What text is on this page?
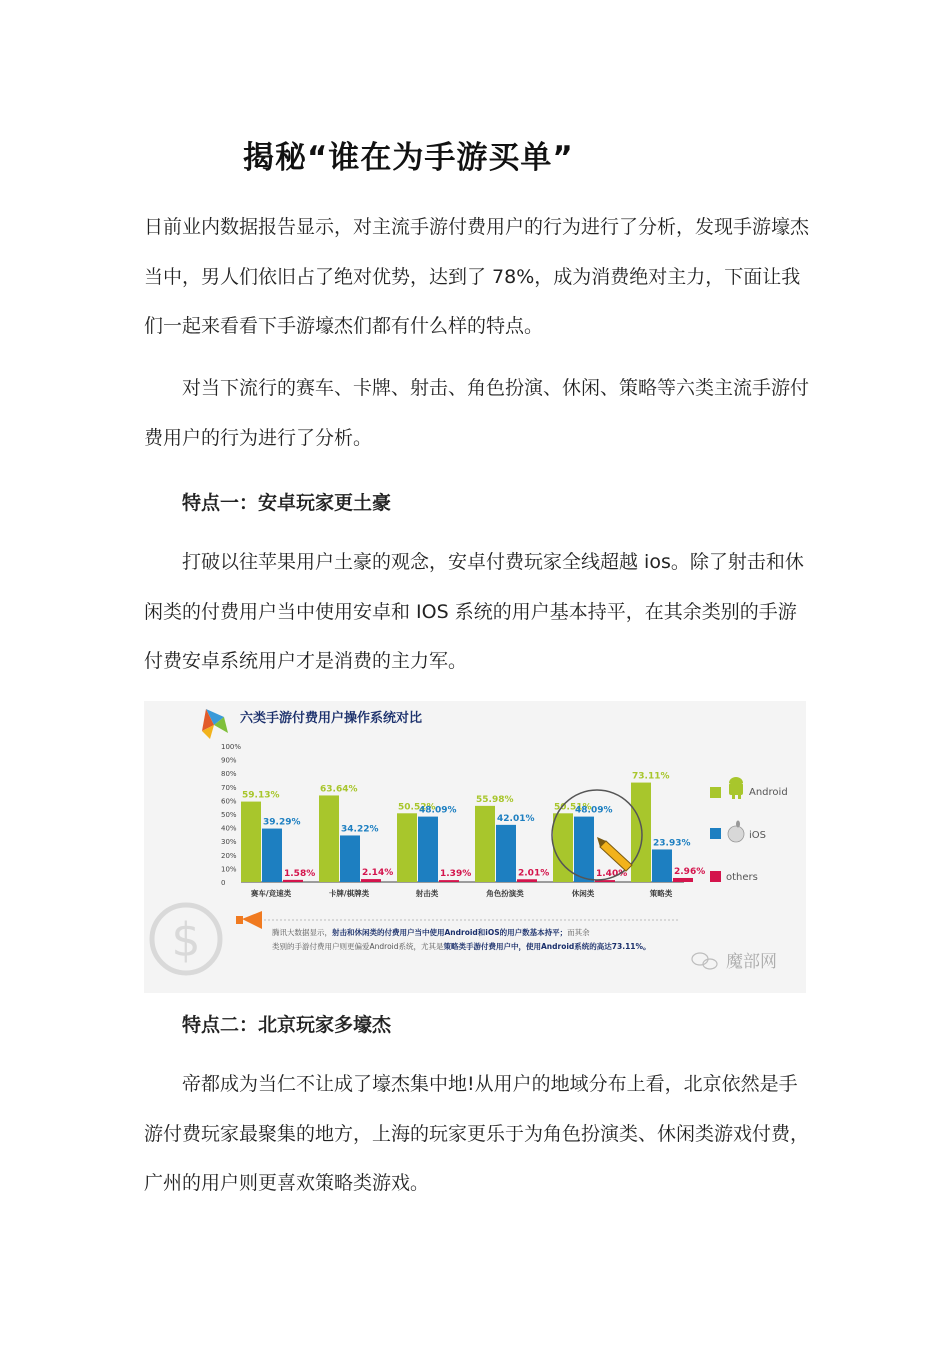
揭秘“谁在为手游买单”

日前业内数据报告显示，对主流手游付费用户的行为进行了分析，发现手游壕杰当中，男人们依旧占了绝对优势，达到了 78%，成为消费绝对主力，下面让我们一起来看看下手游壕杰们都有什么样的特点。

对当下流行的赛车、卡牌、射击、角色扮演、休闲、策略等六类主流手游付费用户的行为进行了分析。

特点一：安卓玩家更土豪

打破以往苹果用户土豪的观念，安卓付费玩家全线超越 ios。除了射击和休闲类的付费用户当中使用安卓和 IOS 系统的用户基本持平，在其余类别的手游付费安卓系统用户才是消费的主力军。

六类手游付费用户操作系统对比
$
100%
90%
80%
70%
60%
50%
40%
30%
20%
10%
0
59.13%
39.29%
1.58%
63.64%
34.22%
2.14%
50.52%
48.09%
1.39%
55.98%
42.01%
2.01%
50.51%
48.09%
1.40%
73.11%
23.93%
2.96%
赛车/竞速类	卡牌/棋牌类	射击类	角色扮演类	休闲类	策略类
Android
iOS
others
腾讯大数据显示，射击和休闲类的付费用户当中使用Android和iOS的用户数基本持平；而其余
类别的手游付费用户则更偏爱Android系统，尤其是策略类手游付费用户中，使用Android系统的高达73.11%。
魔部网
特点二：北京玩家多壕杰

帝都成为当仁不让成了壕杰集中地!从用户的地域分布上看，北京依然是手游付费玩家最聚集的地方，上海的玩家更乐于为角色扮演类、休闲类游戏付费，广州的用户则更喜欢策略类游戏。
